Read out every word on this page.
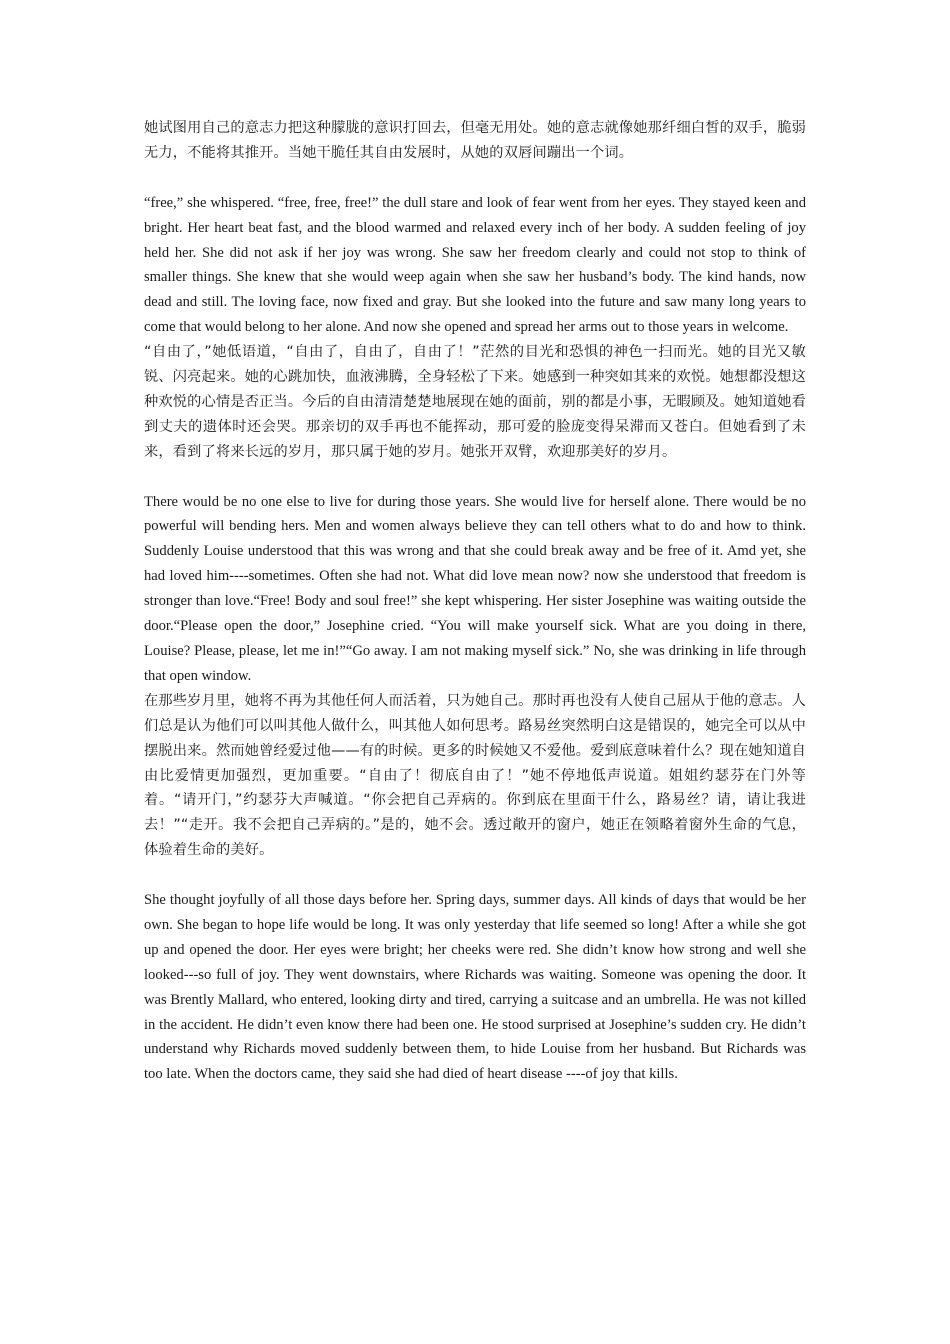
她试图用自己的意志力把这种朦胧的意识打回去，但毫无用处。她的意志就像她那纤细白皙的双手，脆弱无力，不能将其推开。当她干脆任其自由发展时，从她的双唇间蹦出一个词。

“free,” she whispered. “free, free, free!” the dull stare and look of fear went from her eyes. They stayed keen and bright. Her heart beat fast, and the blood warmed and relaxed every inch of her body. A sudden feeling of joy held her. She did not ask if her joy was wrong. She saw her freedom clearly and could not stop to think of smaller things. She knew that she would weep again when she saw her husband’s body. The kind hands, now dead and still. The loving face, now fixed and gray. But she looked into the future and saw many long years to come that would belong to her alone. And now she opened and spread her arms out to those years in welcome.

“自由了，”她低语道，“自由了，自由了，自由了！”茫然的目光和恐惧的神色一扫而光。她的目光又敏锐、闪亮起来。她的心跳加快，血液沸腾，全身轻松了下来。她感到一种突如其来的欢悦。她想都没想这种欢悦的心情是否正当。今后的自由清清楚楚地展现在她的面前，别的都是小事，无暇顾及。她知道她看到丈夫的遗体时还会哭。那亲切的双手再也不能挥动，那可爱的脸庞变得呆滞而又苍白。但她看到了未来，看到了将来长远的岁月，那只属于她的岁月。她张开双臂，欢迎那美好的岁月。

There would be no one else to live for during those years. She would live for herself alone. There would be no powerful will bending hers. Men and women always believe they can tell others what to do and how to think. Suddenly Louise understood that this was wrong and that she could break away and be free of it. Amd yet, she had loved him----sometimes. Often she had not. What did love mean now? now she understood that freedom is stronger than love.“Free! Body and soul free!” she kept whispering. Her sister Josephine was waiting outside the door.“Please open the door,” Josephine cried. “You will make yourself sick. What are you doing in there, Louise? Please, please, let me in!”“Go away. I am not making myself sick.” No, she was drinking in life through that open window.

在那些岁月里，她将不再为其他任何人而活着，只为她自己。那时再也没有人使自己屈从于他的意志。人们总是认为他们可以叫其他人做什么，叫其他人如何思考。路易丝突然明白这是错误的，她完全可以从中摆脱出来。然而她曾经爱过他——有的时候。更多的时候她又不爱他。爱到底意味着什么？现在她知道自由比爱情更加强烈，更加重要。“自由了！彻底自由了！”她不停地低声说道。姐姐约瑟芬在门外等着。“请开门，”约瑟芬大声喊道。“你会把自己弄病的。你到底在里面干什么，路易丝？请，请让我进去！”“走开。我不会把自己弄病的。”是的，她不会。透过敞开的窗户，她正在领略着窗外生命的气息，体验着生命的美好。

She thought joyfully of all those days before her. Spring days, summer days. All kinds of days that would be her own. She began to hope life would be long. It was only yesterday that life seemed so long! After a while she got up and opened the door. Her eyes were bright; her cheeks were red. She didn’t know how strong and well she looked---so full of joy. They went downstairs, where Richards was waiting. Someone was opening the door. It was Brently Mallard, who entered, looking dirty and tired, carrying a suitcase and an umbrella. He was not killed in the accident. He didn’t even know there had been one. He stood surprised at Josephine’s sudden cry. He didn’t understand why Richards moved suddenly between them, to hide Louise from her husband. But Richards was too late. When the doctors came, they said she had died of heart disease ----of joy that kills.
